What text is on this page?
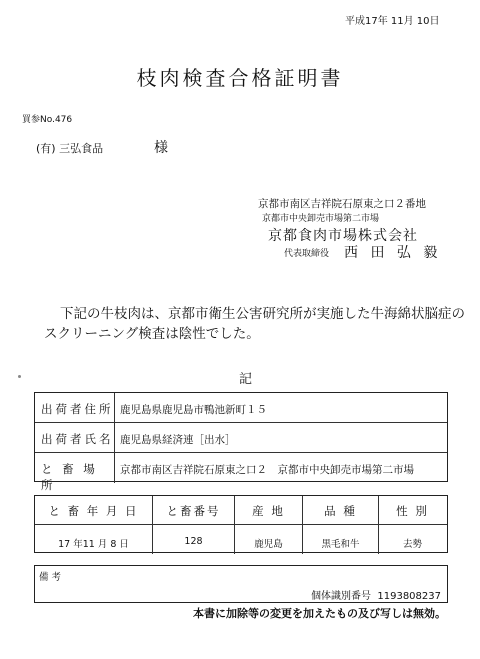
平成17年 11月 10日
枝肉検査合格証明書
買参No.476
(有) 三弘食品	様
京都市南区吉祥院石原東之口２番地
京都市中央卸売市場第二市場
京都食肉市場株式会社
代表取締役 西 田 弘 毅
下記の牛枝肉は、京都市衛生公害研究所が実施した牛海綿状脳症の
スクリーニング検査は陰性でした。
記
出荷者住所 鹿児島県鹿児島市鴨池新町１５
出荷者氏名 鹿児島県経済連［出水］
と 畜 場 所
京都市南区吉祥院石原東之口２　京都市中央卸売市場第二市場
と 畜 年 月 日	と畜番号	産 地	品 種	性 別
17 年11 月 8 日	128	鹿児島	黒毛和牛	去勢
備 考
個体識別番号 1193808237
本書に加除等の変更を加えたもの及び写しは無効。
